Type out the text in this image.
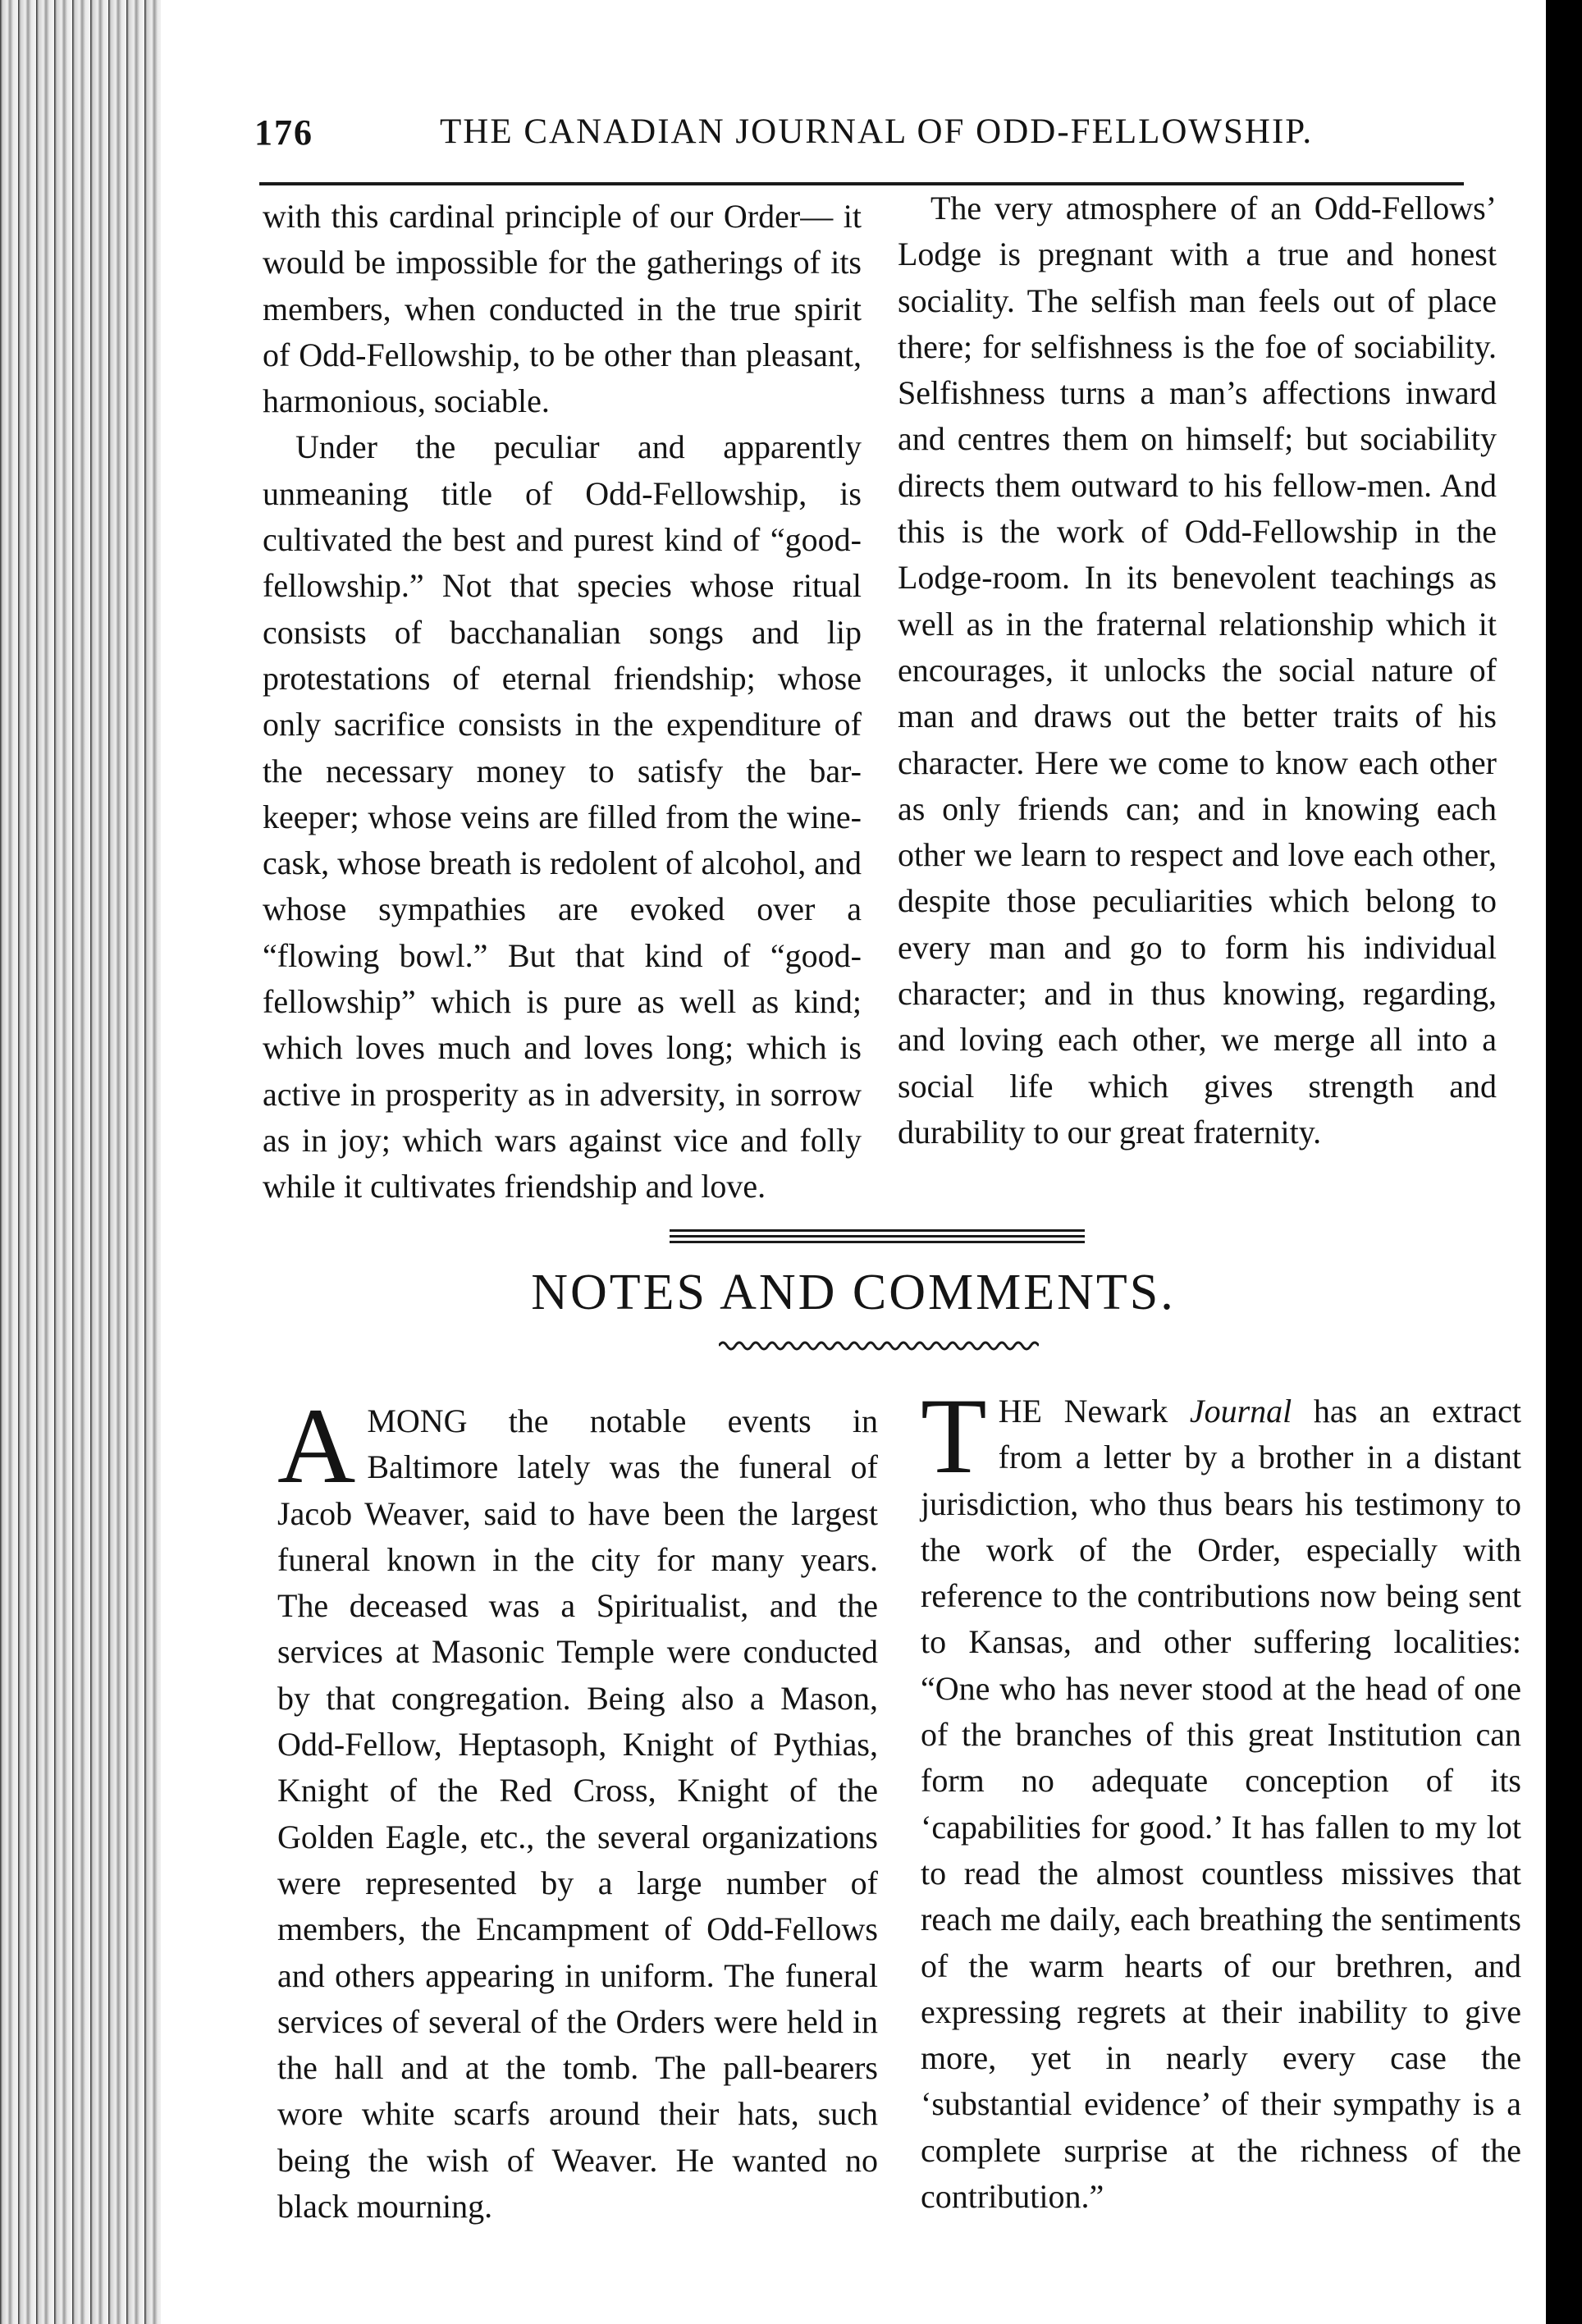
176	THE CANADIAN JOURNAL OF ODD-FELLOWSHIP.

with this cardinal principle of our Order— it would be impossible for the gatherings of its members, when conducted in the true spirit of Odd-Fellowship, to be other than pleasant, harmonious, sociable.

Under the peculiar and apparently unmeaning title of Odd-Fellowship, is cultivated the best and purest kind of “good-fellowship.” Not that species whose ritual consists of bacchanalian songs and lip protestations of eternal friendship; whose only sacrifice consists in the expenditure of the necessary money to satisfy the bar-keeper; whose veins are filled from the wine-cask, whose breath is redolent of alcohol, and whose sympathies are evoked over a “flowing bowl.” But that kind of “good-fellowship” which is pure as well as kind; which loves much and loves long; which is active in prosperity as in adversity, in sorrow as in joy; which wars against vice and folly while it cultivates friendship and love.

The very atmosphere of an Odd-Fellows’ Lodge is pregnant with a true and honest sociality. The selfish man feels out of place there; for selfishness is the foe of sociability. Selfishness turns a man’s affections inward and centres them on himself; but sociability directs them outward to his fellow-men. And this is the work of Odd-Fellowship in the Lodge-room. In its benevolent teachings as well as in the fraternal relationship which it encourages, it unlocks the social nature of man and draws out the better traits of his character. Here we come to know each other as only friends can; and in knowing each other we learn to respect and love each other, despite those peculiarities which belong to every man and go to form his individual character; and in thus knowing, regarding, and loving each other, we merge all into a social life which gives strength and durability to our great fraternity.

NOTES AND COMMENTS.

AMONG the notable events in Baltimore lately was the funeral of Jacob Weaver, said to have been the largest funeral known in the city for many years. The deceased was a Spiritualist, and the services at Masonic Temple were conducted by that congregation. Being also a Mason, Odd-Fellow, Heptasoph, Knight of Pythias, Knight of the Red Cross, Knight of the Golden Eagle, etc., the several organizations were represented by a large number of members, the Encampment of Odd-Fellows and others appearing in uniform. The funeral services of several of the Orders were held in the hall and at the tomb. The pall-bearers wore white scarfs around their hats, such being the wish of Weaver. He wanted no black mourning.

THE Newark Journal has an extract from a letter by a brother in a distant jurisdiction, who thus bears his testimony to the work of the Order, especially with reference to the contributions now being sent to Kansas, and other suffering localities: “One who has never stood at the head of one of the branches of this great Institution can form no adequate conception of its ‘capabilities for good.’ It has fallen to my lot to read the almost countless missives that reach me daily, each breathing the sentiments of the warm hearts of our brethren, and expressing regrets at their inability to give more, yet in nearly every case the ‘substantial evidence’ of their sympathy is a complete surprise at the richness of the contribution.”
